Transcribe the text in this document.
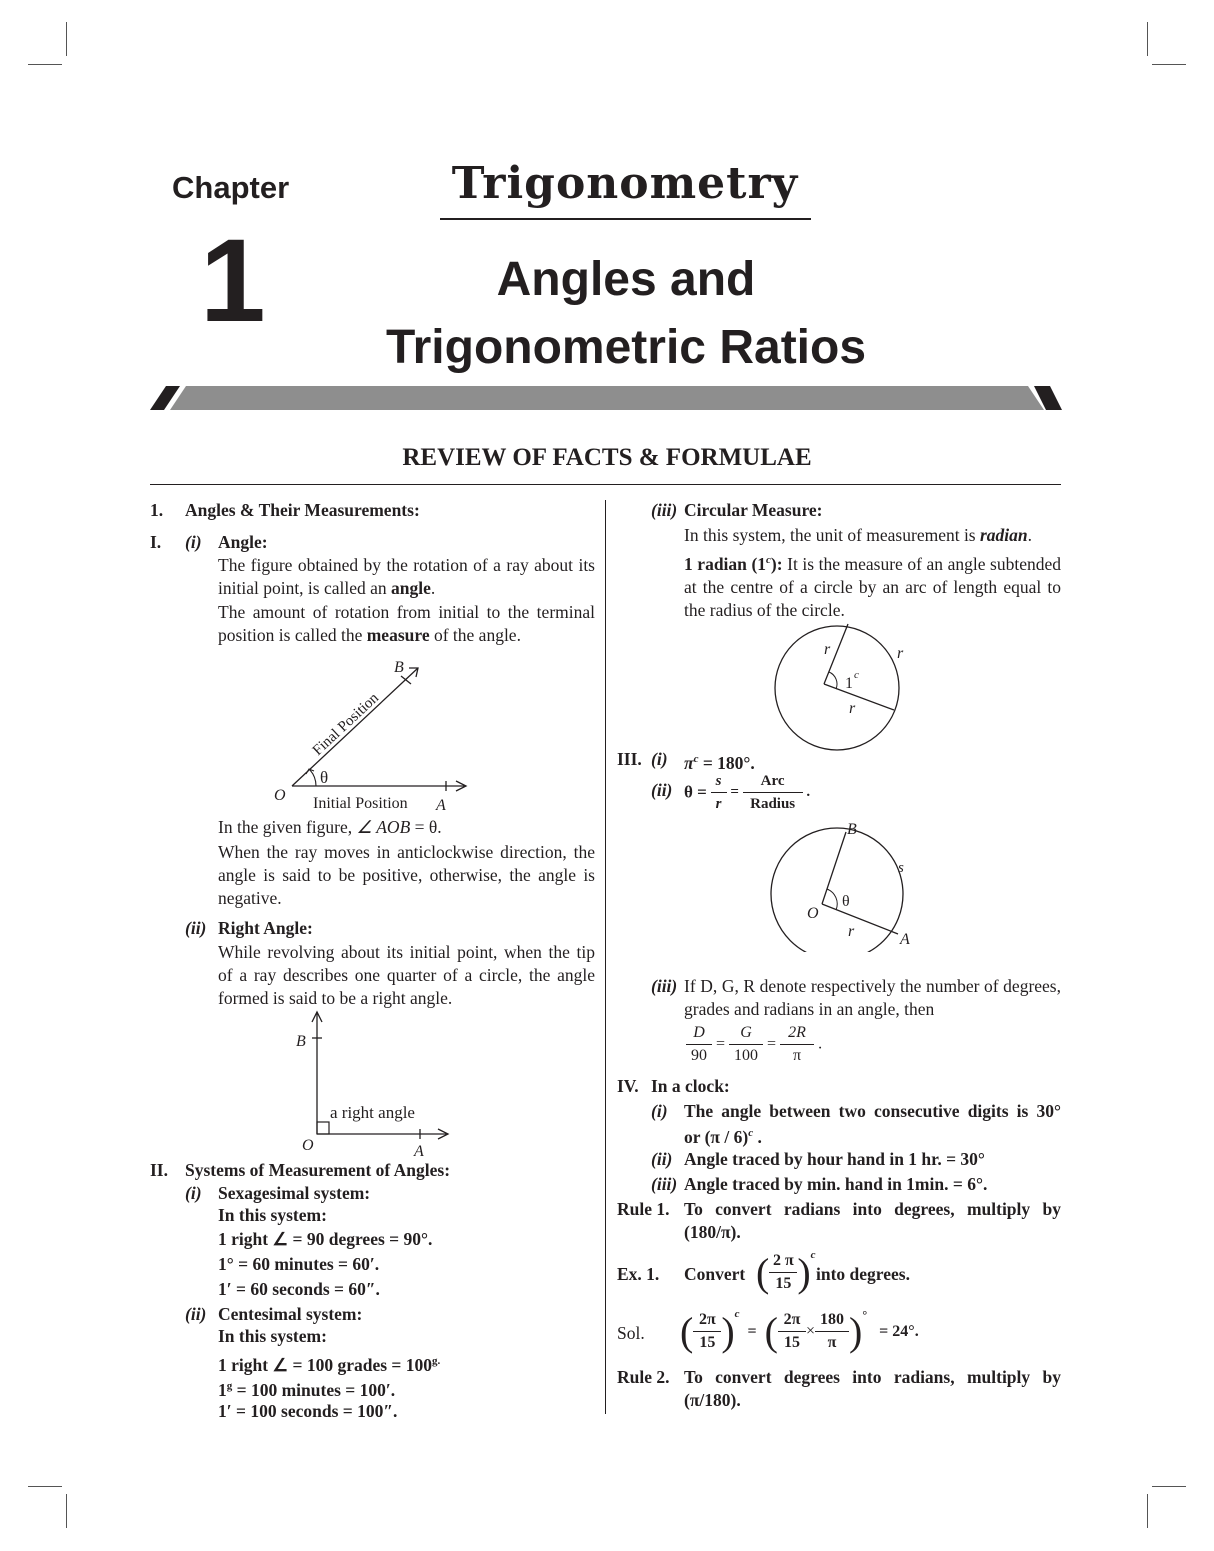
Chapter
1
Trigonometry
Angles and
Trigonometric Ratios
REVIEW OF FACTS & FORMULAE
1. Angles & Their Measurements:
I. (i) Angle:
The figure obtained by the rotation of a ray about its initial point, is called an angle.
The amount of rotation from initial to the terminal position is called the measure of the angle.
B
Final Position
θ
O Initial Position A
In the given figure, ∠ AOB = θ.
When the ray moves in anticlockwise direction, the angle is said to be positive, otherwise, the angle is negative.
(ii) Right Angle:
While revolving about its initial point, when the tip of a ray describes one quarter of a circle, the angle formed is said to be a right angle.
B
a right angle
O	A
II. Systems of Measurement of Angles:
(i) Sexagesimal system:
In this system:
1 right ∠ = 90 degrees = 90°.
1° = 60 minutes = 60′.
1′ = 60 seconds = 60″.
(ii) Centesimal system:
In this system:
1 right ∠ = 100 grades = $100^{g.}$
$1^g = 100$ minutes = 100′.
1′ = 100 seconds = 100″.
(iii) Circular Measure:
In this system, the unit of measurement is radian.
1 radian (1$^c$): It is the measure of an angle subtended at the centre of a circle by an arc of length equal to the radius of the circle.
r	r
r
1 c
III. (i) $\pi^c = 180^\circ$.
(ii) $\theta = \frac{s}{r} = \frac{\text{Arc}}{\text{Radius}}$ .
B
s
O
θ
r	A
(iii) If D, G, R denote respectively the number of degrees, grades and radians in an angle, then
$\frac{D}{90} = \frac{G}{100} = \frac{2R}{\pi}$ .
IV. In a clock:
(i) The angle between two consecutive digits is 30°
or (π / 6)$^c$ .
(ii) Angle traced by hour hand in 1 hr. = 30°
(iii) Angle traced by min. hand in 1min. = 6°.
Rule 1. To convert radians into degrees, multiply by
(180/π).
Ex. 1. Convert ( $\frac{2 \pi}{15} )^c$
into degrees.
Sol. ( $\frac{2\pi}{15} )^c$ = ( $\frac{2\pi}{15} \times \frac{180}{\pi} )^\circ = 24^\circ$.
Rule 2. To convert degrees into radians, multiply by
(π/180).
